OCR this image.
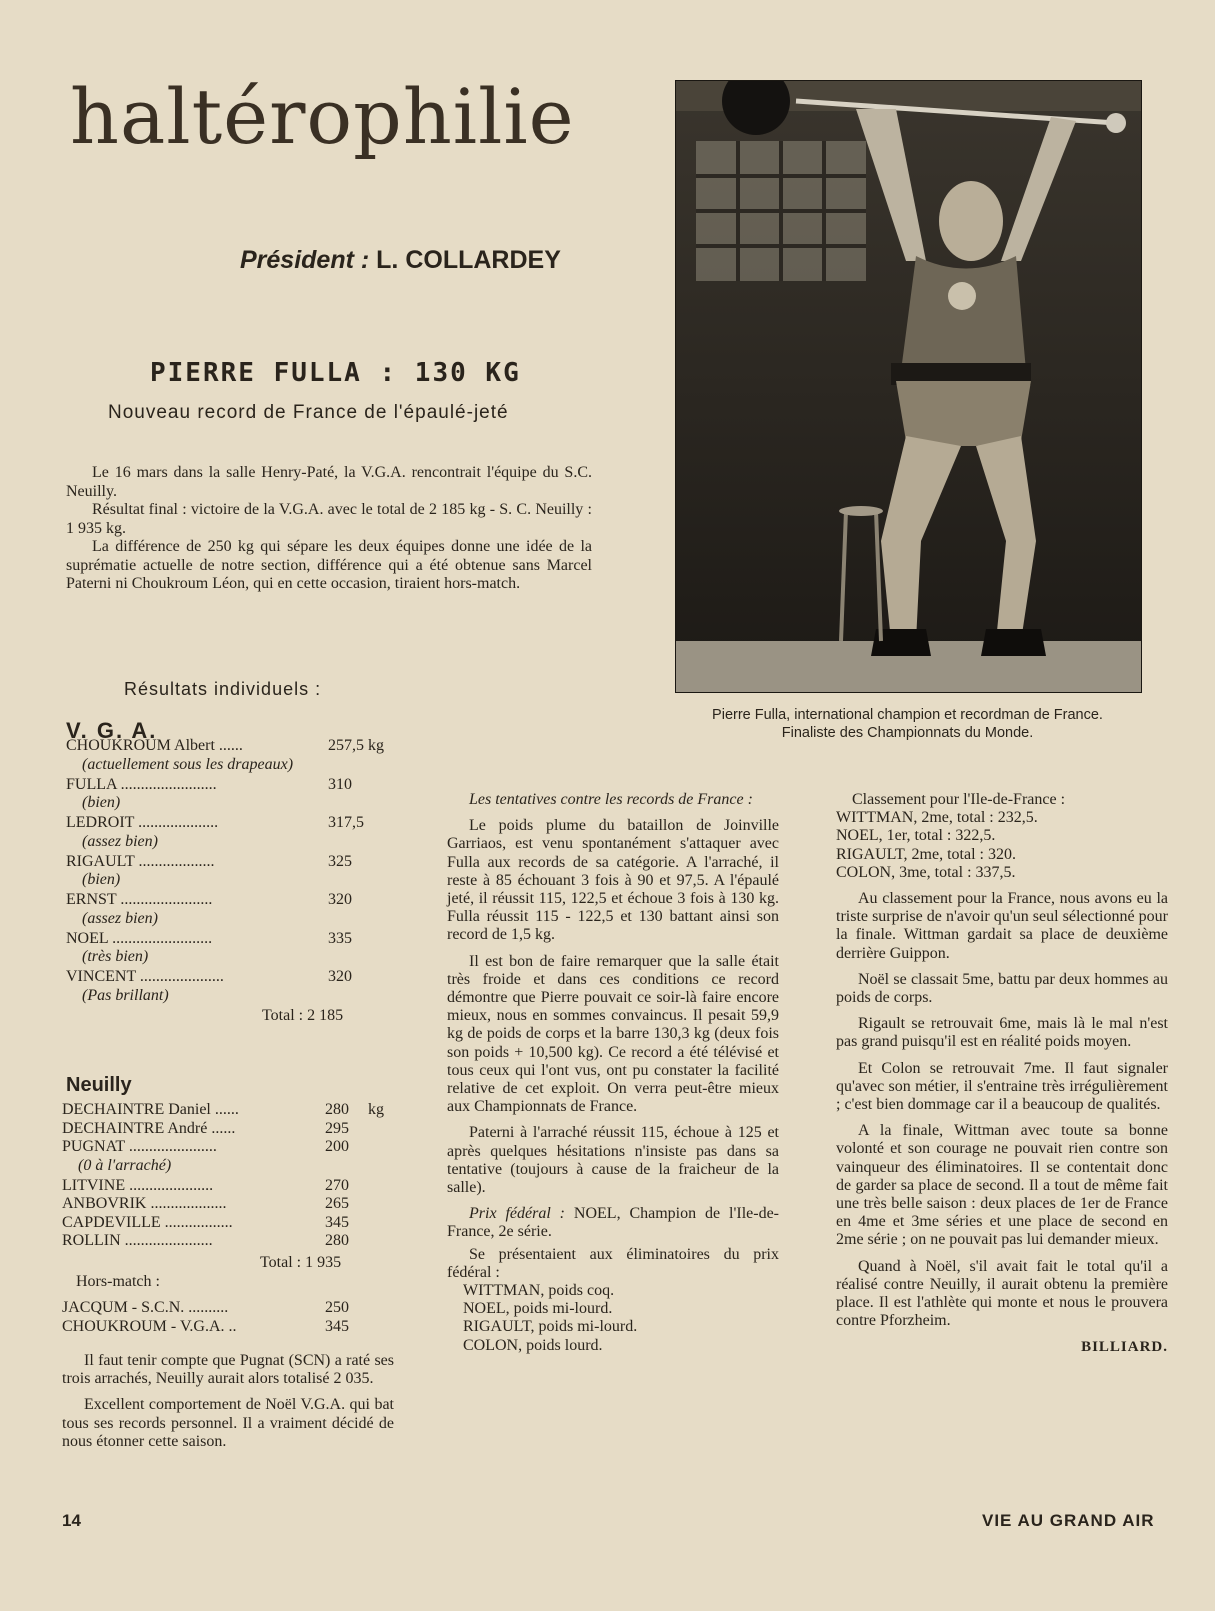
haltérophilie
Président : L. COLLARDEY
PIERRE FULLA : 130 KG
Nouveau record de France de l'épaulé-jeté

Le 16 mars dans la salle Henry-Paté, la V.G.A. rencontrait l'équipe du S.C. Neuilly.

Résultat final : victoire de la V.G.A. avec le total de 2 185 kg - S. C. Neuilly : 1 935 kg.

La différence de 250 kg qui sépare les deux équipes donne une idée de la suprématie actuelle de notre section, différence qui a été obtenue sans Marcel Paterni ni Choukroum Léon, qui en cette occasion, tiraient hors-match.

Résultats individuels :
V. G. A.
CHOUKROUM Albert ......	257,5 kg
(actuellement sous les drapeaux)
FULLA ........................	310
(bien)
LEDROIT ....................	317,5
(assez bien)
RIGAULT ...................	325
(bien)
ERNST .......................	320
(assez bien)
NOEL .........................	335
(très bien)
VINCENT .....................	320
(Pas brillant)
Total : 2 185
Neuilly
DECHAINTRE Daniel ......	280 kg
DECHAINTRE André ......	295
PUGNAT ......................	200
(0 à l'arraché)
LITVINE .....................	270
ANBOVRIK ...................	265
CAPDEVILLE .................	345
ROLLIN ......................	280
Total : 1 935
Hors-match :
JACQUM - S.C.N. ..........	250
CHOUKROUM - V.G.A. ..	345

Il faut tenir compte que Pugnat (SCN) a raté ses trois arrachés, Neuilly aurait alors totalisé 2 035.

Excellent comportement de Noël V.G.A. qui bat tous ses records personnel. Il a vraiment décidé de nous étonner cette saison.

Les tentatives contre les records de France :

Le poids plume du bataillon de Joinville Garriaos, est venu spontanément s'attaquer avec Fulla aux records de sa catégorie. A l'arraché, il reste à 85 échouant 3 fois à 90 et 97,5. A l'épaulé jeté, il réussit 115, 122,5 et échoue 3 fois à 130 kg. Fulla réussit 115 - 122,5 et 130 battant ainsi son record de 1,5 kg.

Il est bon de faire remarquer que la salle était très froide et dans ces conditions ce record démontre que Pierre pouvait ce soir-là faire encore mieux, nous en sommes convaincus. Il pesait 59,9 kg de poids de corps et la barre 130,3 kg (deux fois son poids + 10,500 kg). Ce record a été télévisé et tous ceux qui l'ont vus, ont pu constater la facilité relative de cet exploit. On verra peut-être mieux aux Championnats de France.

Paterni à l'arraché réussit 115, échoue à 125 et après quelques hésitations n'insiste pas dans sa tentative (toujours à cause de la fraicheur de la salle).

Prix fédéral : NOEL, Champion de l'Ile-de-France, 2e série.

Se présentaient aux éliminatoires du prix fédéral :

WITTMAN, poids coq.
NOEL, poids mi-lourd.
RIGAULT, poids mi-lourd.
COLON, poids lourd.
Classement pour l'Ile-de-France :
WITTMAN, 2me, total : 232,5.
NOEL, 1er, total : 322,5.
RIGAULT, 2me, total : 320.
COLON, 3me, total : 337,5.

Au classement pour la France, nous avons eu la triste surprise de n'avoir qu'un seul sélectionné pour la finale. Wittman gardait sa place de deuxième derrière Guippon.

Noël se classait 5me, battu par deux hommes au poids de corps.

Rigault se retrouvait 6me, mais là le mal n'est pas grand puisqu'il est en réalité poids moyen.

Et Colon se retrouvait 7me. Il faut signaler qu'avec son métier, il s'entraine très irrégulièrement ; c'est bien dommage car il a beaucoup de qualités.

A la finale, Wittman avec toute sa bonne volonté et son courage ne pouvait rien contre son vainqueur des éliminatoires. Il se contentait donc de garder sa place de second. Il a tout de même fait une très belle saison : deux places de 1er de France en 4me et 3me séries et une place de second en 2me série ; on ne pouvait pas lui demander mieux.

Quand à Noël, s'il avait fait le total qu'il a réalisé contre Neuilly, il aurait obtenu la première place. Il est l'athlète qui monte et nous le prouvera contre Pforzheim.

BILLIARD.
Pierre Fulla, international champion et recordman de France.
Finaliste des Championnats du Monde.
14	VIE AU GRAND AIR
